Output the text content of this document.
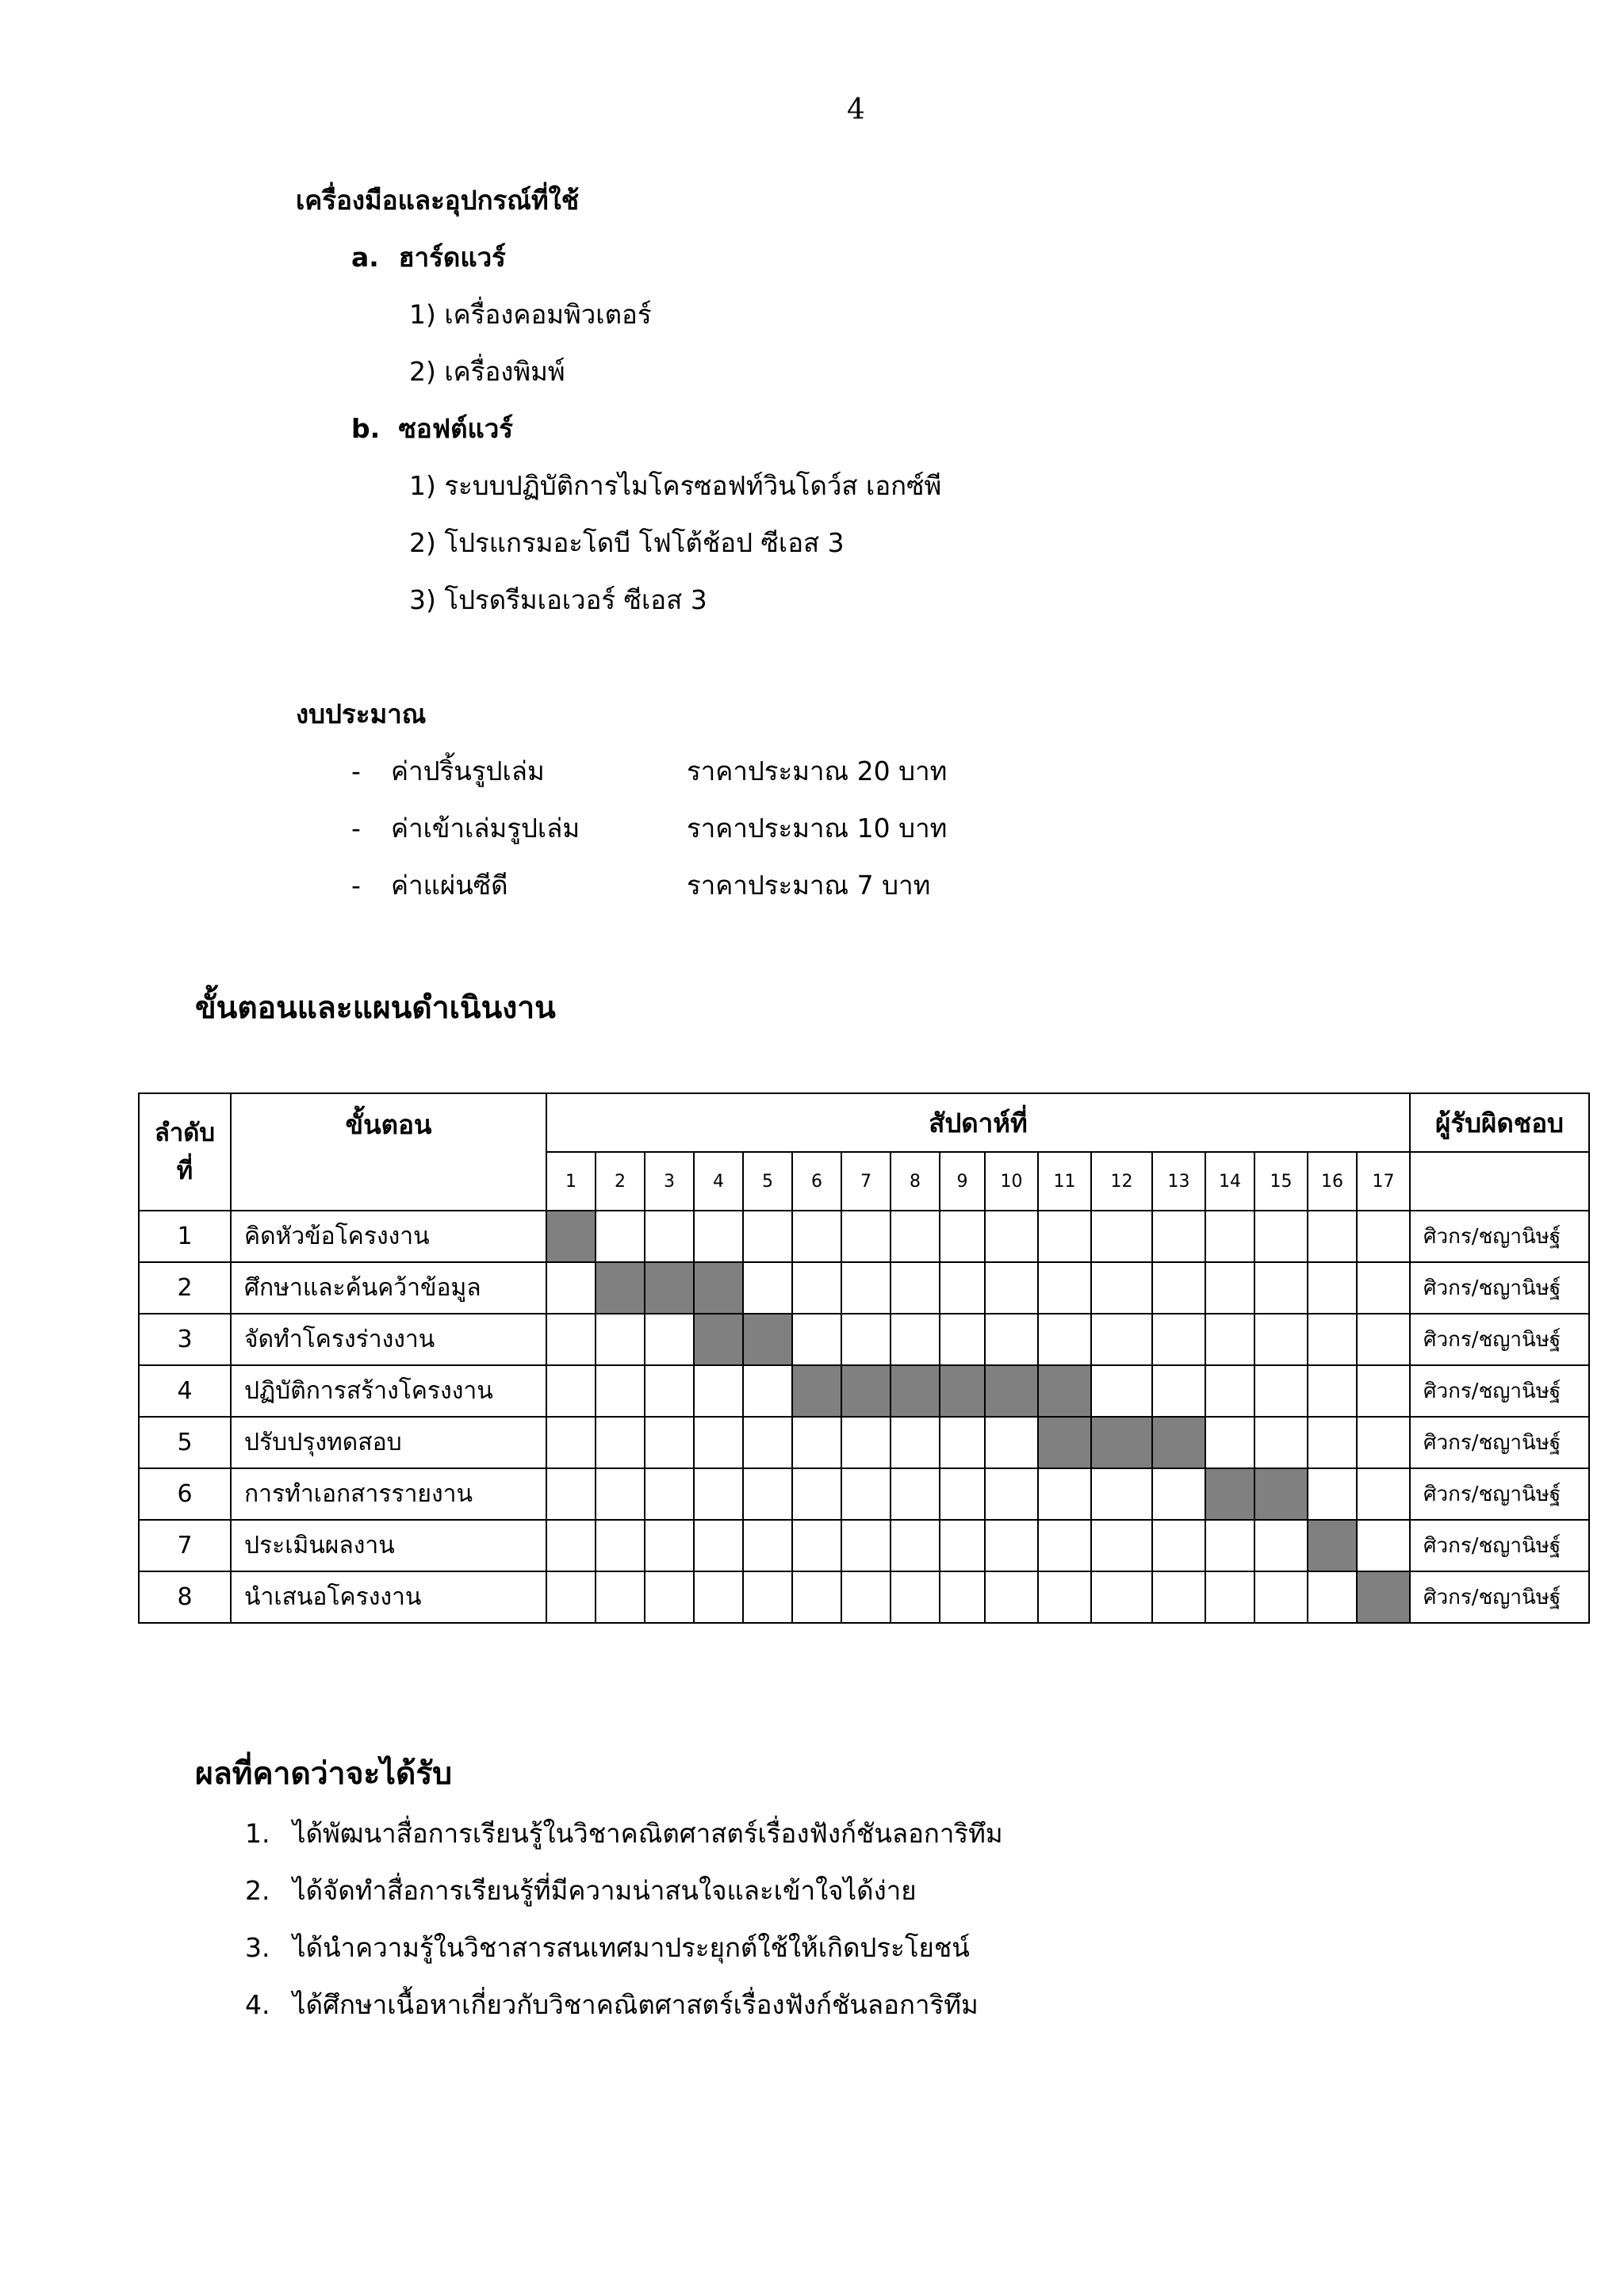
4
เครื่องมือและอุปกรณ์ที่ใช้
a. ฮาร์ดแวร์
1) เครื่องคอมพิวเตอร์
2) เครื่องพิมพ์
b. ซอฟต์แวร์
1) ระบบปฏิบัติการไมโครซอฟท์วินโดว์ส เอกซ์พี
2) โปรแกรมอะโดบี โฟโต้ช้อป ซีเอส 3
3) โปรดรีมเอเวอร์ ซีเอส 3
งบประมาณ
- ค่าปริ้นรูปเล่ม	ราคาประมาณ 20 บาท
- ค่าเข้าเล่มรูปเล่ม	ราคาประมาณ 10 บาท
- ค่าแผ่นซีดี	ราคาประมาณ 7 บาท
ขั้นตอนและแผนดำเนินงาน
ลำดับ
ที่	ขั้นตอน	สัปดาห์ที่																	ผู้รับผิดชอบ
		1	2	3	4	5	6	7	8	9	10	11	12	13	14	15	16	17	
1	คิดหัวข้อโครงงาน																		ศิวกร/ชญานิษฐ์
2	ศึกษาและค้นคว้าข้อมูล																		ศิวกร/ชญานิษฐ์
3	จัดทำโครงร่างงาน																		ศิวกร/ชญานิษฐ์
4	ปฏิบัติการสร้างโครงงาน																		ศิวกร/ชญานิษฐ์
5	ปรับปรุงทดสอบ																		ศิวกร/ชญานิษฐ์
6	การทำเอกสารรายงาน																		ศิวกร/ชญานิษฐ์
7	ประเมินผลงาน																		ศิวกร/ชญานิษฐ์
8	นำเสนอโครงงาน																		ศิวกร/ชญานิษฐ์
ผลที่คาดว่าจะได้รับ
1. ได้พัฒนาสื่อการเรียนรู้ในวิชาคณิตศาสตร์เรื่องฟังก์ชันลอการิทึม
2. ได้จัดทำสื่อการเรียนรู้ที่มีความน่าสนใจและเข้าใจได้ง่าย
3. ได้นำความรู้ในวิชาสารสนเทศมาประยุกต์ใช้ให้เกิดประโยชน์
4. ได้ศึกษาเนื้อหาเกี่ยวกับวิชาคณิตศาสตร์เรื่องฟังก์ชันลอการิทึม
